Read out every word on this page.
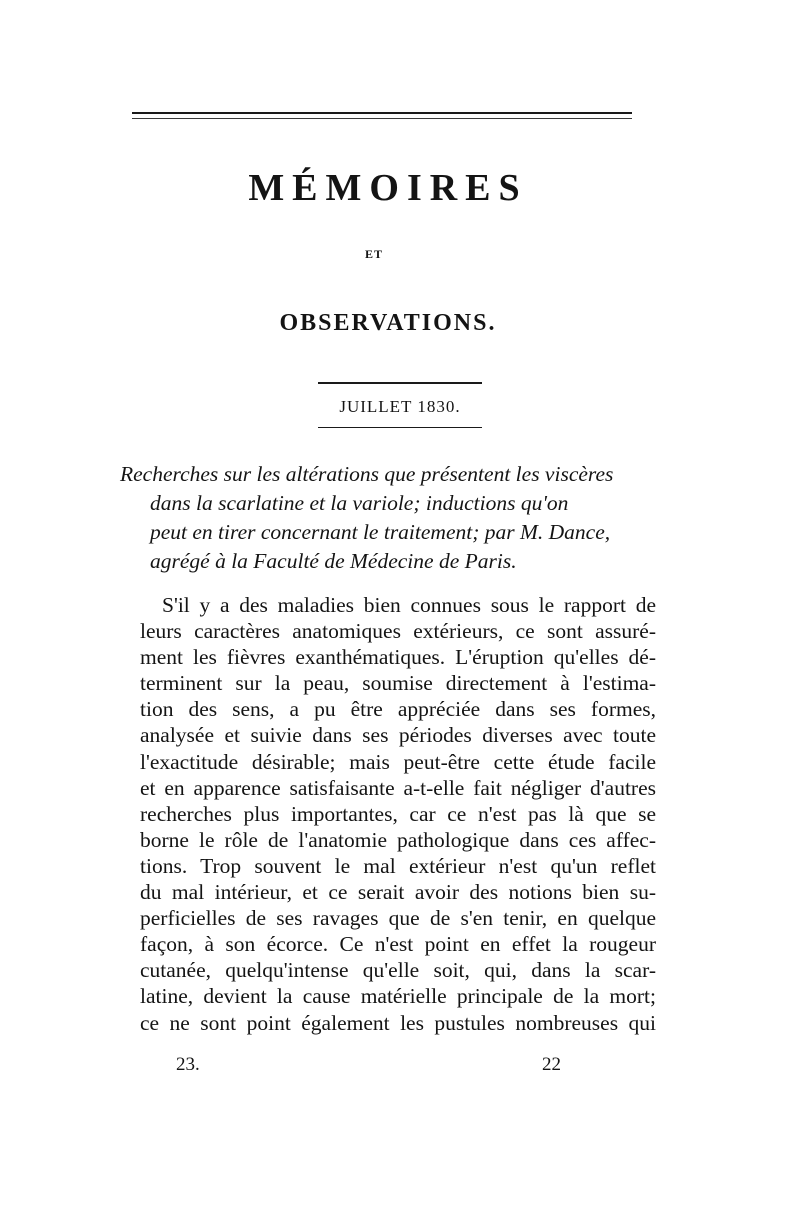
MÉMOIRES
ET
OBSERVATIONS.
JUILLET 1830.
Recherches sur les altérations que présentent les viscères
dans la scarlatine et la variole; inductions qu'on
peut en tirer concernant le traitement; par M. Dance,
agrégé à la Faculté de Médecine de Paris.
S'il y a des maladies bien connues sous le rapport de
leurs caractères anatomiques extérieurs, ce sont assuré-
ment les fièvres exanthématiques. L'éruption qu'elles dé-
terminent sur la peau, soumise directement à l'estima-
tion des sens, a pu être appréciée dans ses formes,
analysée et suivie dans ses périodes diverses avec toute
l'exactitude désirable; mais peut-être cette étude facile
et en apparence satisfaisante a-t-elle fait négliger d'autres
recherches plus importantes, car ce n'est pas là que se
borne le rôle de l'anatomie pathologique dans ces affec-
tions. Trop souvent le mal extérieur n'est qu'un reflet
du mal intérieur, et ce serait avoir des notions bien su-
perficielles de ses ravages que de s'en tenir, en quelque
façon, à son écorce. Ce n'est point en effet la rougeur
cutanée, quelqu'intense qu'elle soit, qui, dans la scar-
latine, devient la cause matérielle principale de la mort;
ce ne sont point également les pustules nombreuses qui
23.	22
